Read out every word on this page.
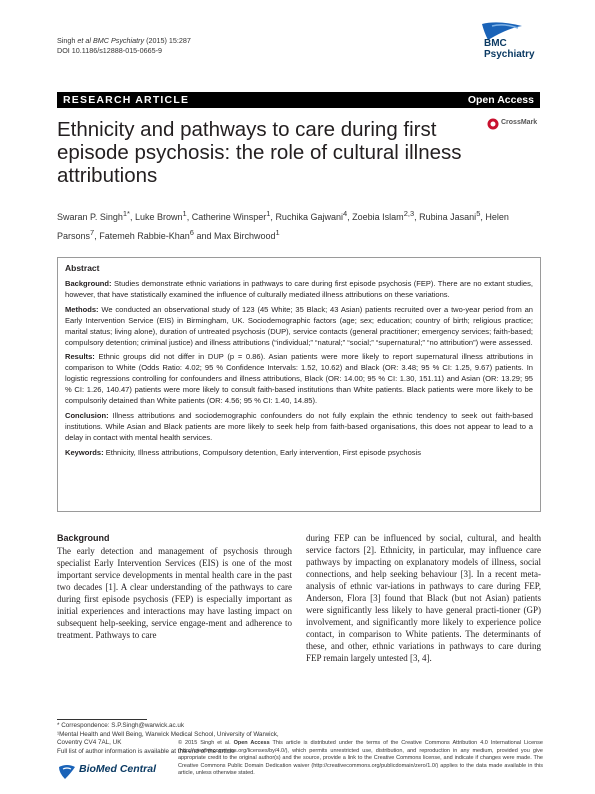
Singh et al BMC Psychiatry (2015) 15:287
DOI 10.1186/s12888-015-0665-9
BMC
Psychiatry
RESEARCH ARTICLE	Open Access
Ethnicity and pathways to care during first episode psychosis: the role of cultural illness attributions
CrossMark
Swaran P. Singh$^{1*}$, Luke Brown$^1$, Catherine Winsper$^1$, Ruchika Gajwani$^4$, Zoebia Islam$^{2,3}$, Rubina Jasani$^5$, Helen Parsons$^7$, Fatemeh Rabbie-Khan$^6$ and Max Birchwood$^1$
Abstract

Background: Studies demonstrate ethnic variations in pathways to care during first episode psychosis (FEP). There are no extant studies, however, that have statistically examined the influence of culturally mediated illness attributions on these variations.

Methods: We conducted an observational study of 123 (45 White; 35 Black; 43 Asian) patients recruited over a two-year period from an Early Intervention Service (EIS) in Birmingham, UK. Sociodemographic factors (age; sex; education; country of birth; religious practice; marital status; living alone), duration of untreated psychosis (DUP), service contacts (general practitioner; emergency services; faith-based; compulsory detention; criminal justice) and illness attributions (“individual;” “natural;” “social;” “supernatural;” “no attribution”) were assessed.

Results: Ethnic groups did not differ in DUP (p = 0.86). Asian patients were more likely to report supernatural illness attributions in comparison to White (Odds Ratio: 4.02; 95 % Confidence Intervals: 1.52, 10.62) and Black (OR: 3.48; 95 % CI: 1.25, 9.67) patients. In logistic regressions controlling for confounders and illness attributions, Black (OR: 14.00; 95 % CI: 1.30, 151.11) and Asian (OR: 13.29; 95 % CI: 1.26, 140.47) patients were more likely to consult faith-based institutions than White patients. Black patients were more likely to be compulsorily detained than White patients (OR: 4.56; 95 % CI: 1.40, 14.85).

Conclusion: Illness attributions and sociodemographic confounders do not fully explain the ethnic tendency to seek out faith-based institutions. While Asian and Black patients are more likely to seek help from faith-based organisations, this does not appear to lead to a delay in contact with mental health services.

Keywords: Ethnicity, Illness attributions, Compulsory detention, Early intervention, First episode psychosis

Background
The early detection and management of psychosis through specialist Early Intervention Services (EIS) is one of the most important service developments in mental health care in the past two decades [1]. A clear understanding of the pathways to care during first episode psychosis (FEP) is especially important as initial experiences and interactions may have lasting impact on subsequent help-seeking, service engage-ment and adherence to treatment. Pathways to care
during FEP can be influenced by social, cultural, and health service factors [2]. Ethnicity, in particular, may influence care pathways by impacting on explanatory models of illness, social connections, and help seeking behaviour [3]. In a recent meta-analysis of ethnic var-iations in pathways to care during FEP, Anderson, Flora [3] found that Black (but not Asian) patients were significantly less likely to have general practi-tioner (GP) involvement, and significantly more likely to experience police contact, in comparison to White patients. The determinants of these, and other, ethnic variations in pathways to care during FEP remain largely untested [3, 4].
* Correspondence: S.P.Singh@warwick.ac.uk
¹Mental Health and Well Being, Warwick Medical School, University of Warwick, Coventry CV4 7AL, UK
Full list of author information is available at the end of the article
BioMed Central
© 2015 Singh et al. Open Access This article is distributed under the terms of the Creative Commons Attribution 4.0 International License (http://creativecommons.org/licenses/by/4.0/), which permits unrestricted use, distribution, and reproduction in any medium, provided you give appropriate credit to the original author(s) and the source, provide a link to the Creative Commons license, and indicate if changes were made. The Creative Commons Public Domain Dedication waiver (http://creativecommons.org/publicdomain/zero/1.0/) applies to the data made available in this article, unless otherwise stated.
